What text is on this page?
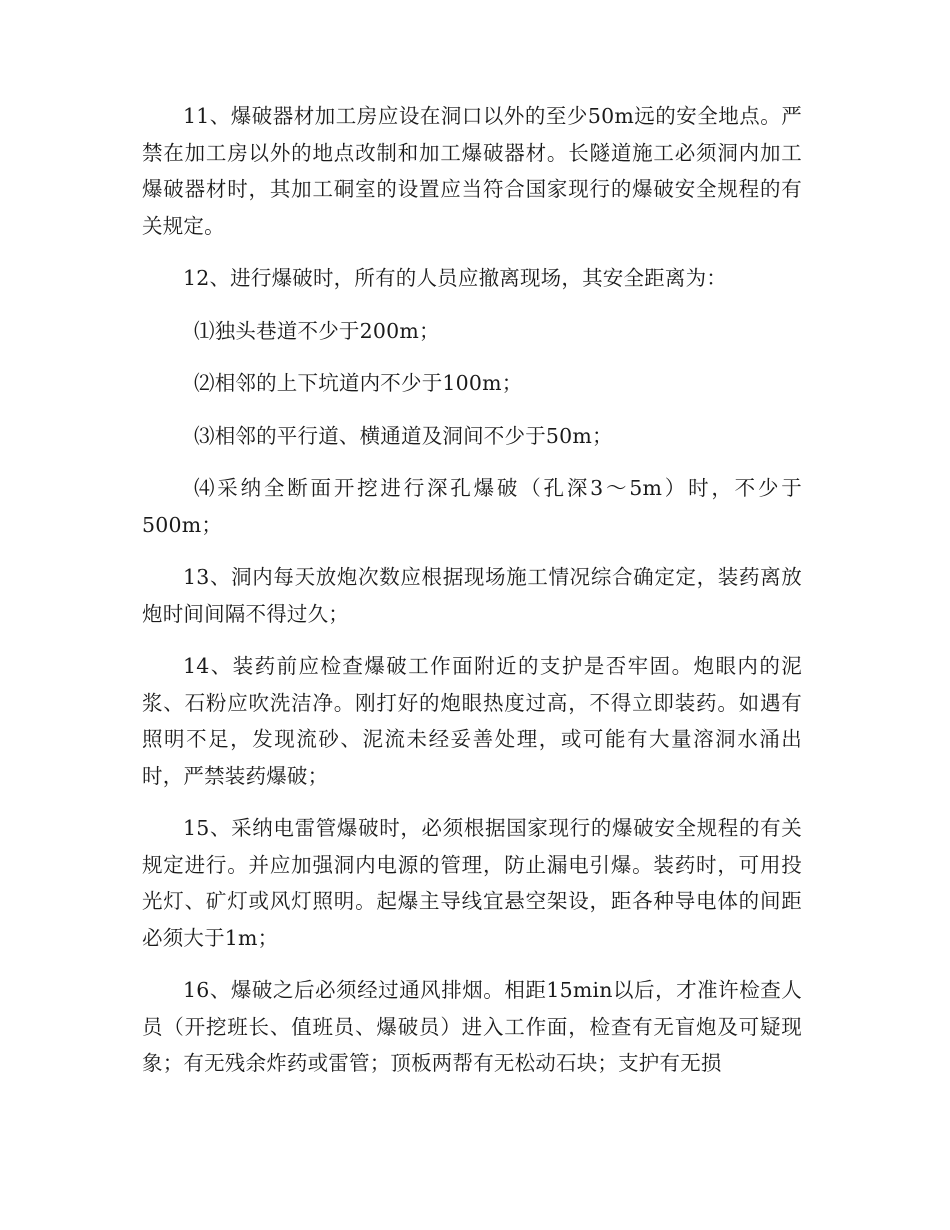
11、爆破器材加工房应设在洞口以外的至少50m远的安全地点。严禁在加工房以外的地点改制和加工爆破器材。长隧道施工必须洞内加工爆破器材时，其加工硐室的设置应当符合国家现行的爆破安全规程的有关规定。

12、进行爆破时，所有的人员应撤离现场，其安全距离为：

⑴独头巷道不少于200m；

⑵相邻的上下坑道内不少于100m；

⑶相邻的平行道、横通道及洞间不少于50m；

⑷采纳全断面开挖进行深孔爆破（孔深3～5m）时，不少于500m；

13、洞内每天放炮次数应根据现场施工情况综合确定定，装药离放炮时间间隔不得过久；

14、装药前应检查爆破工作面附近的支护是否牢固。炮眼内的泥浆、石粉应吹洗洁净。刚打好的炮眼热度过高，不得立即装药。如遇有照明不足，发现流砂、泥流未经妥善处理，或可能有大量溶洞水涌出时，严禁装药爆破；

15、采纳电雷管爆破时，必须根据国家现行的爆破安全规程的有关规定进行。并应加强洞内电源的管理，防止漏电引爆。装药时，可用投光灯、矿灯或风灯照明。起爆主导线宜悬空架设，距各种导电体的间距必须大于1m；

16、爆破之后必须经过通风排烟。相距15min以后，才准许检查人员（开挖班长、值班员、爆破员）进入工作面，检查有无盲炮及可疑现象；有无残余炸药或雷管；顶板两帮有无松动石块；支护有无损
